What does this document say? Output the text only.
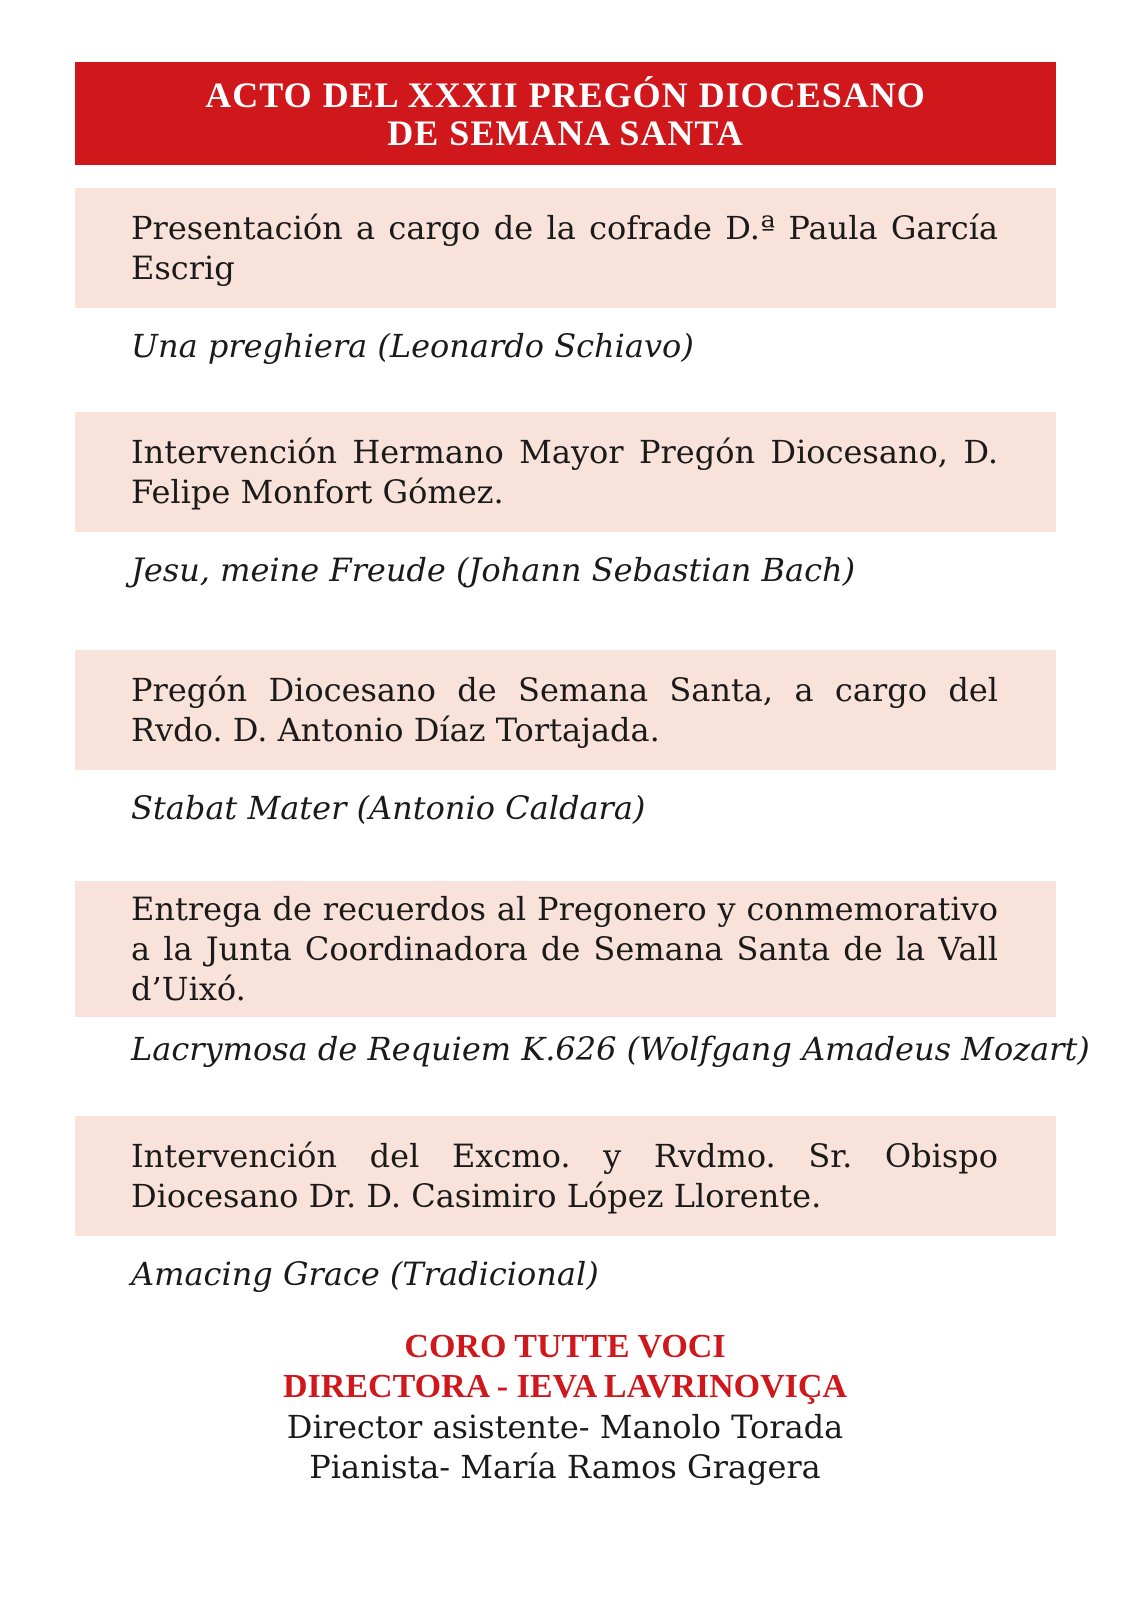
ACTO DEL XXXII PREGÓN DIOCESANO
DE SEMANA SANTA
Presentación a cargo de la cofrade D.ª Paula García Escrig
Una preghiera (Leonardo Schiavo)
Intervención Hermano Mayor Pregón Diocesano, D. Felipe Monfort Gómez.
Jesu, meine Freude (Johann Sebastian Bach)
Pregón Diocesano de Semana Santa, a cargo del Rvdo. D. Antonio Díaz Tortajada.
Stabat Mater (Antonio Caldara)
Entrega de recuerdos al Pregonero y conmemorativo a la Junta Coordinadora de Semana Santa de la Vall d’Uixó.
Lacrymosa de Requiem K.626 (Wolfgang Amadeus Mozart)
Intervención del Excmo. y Rvdmo. Sr. Obispo Diocesano Dr. D. Casimiro López Llorente.
Amacing Grace (Tradicional)
CORO TUTTE VOCI
DIRECTORA - IEVA LAVRINOVIÇA
Director asistente- Manolo Torada
Pianista- María Ramos Gragera
